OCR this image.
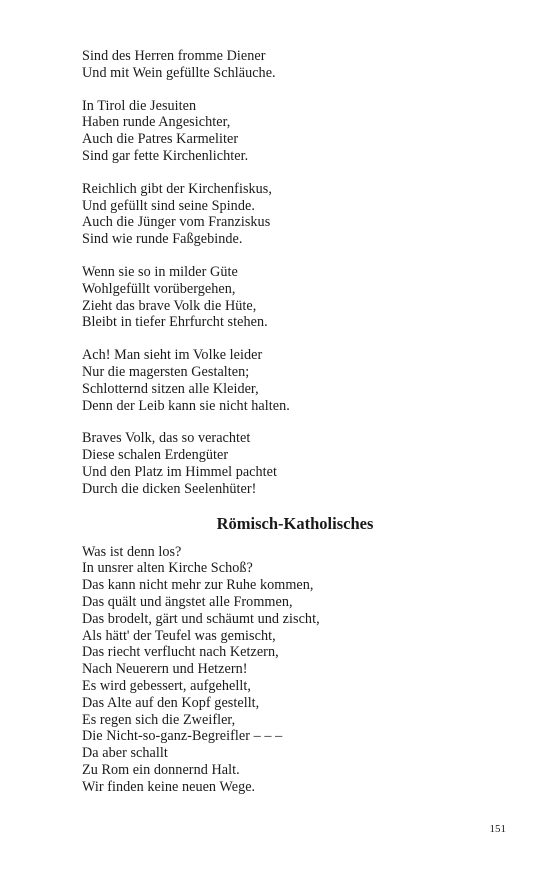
Sind des Herren fromme Diener
Und mit Wein gefüllte Schläuche.
In Tirol die Jesuiten
Haben runde Angesichter,
Auch die Patres Karmeliter
Sind gar fette Kirchenlichter.
Reichlich gibt der Kirchenfiskus,
Und gefüllt sind seine Spinde.
Auch die Jünger vom Franziskus
Sind wie runde Faßgebinde.
Wenn sie so in milder Güte
Wohlgefüllt vorübergehen,
Zieht das brave Volk die Hüte,
Bleibt in tiefer Ehrfurcht stehen.
Ach! Man sieht im Volke leider
Nur die magersten Gestalten;
Schlotternd sitzen alle Kleider,
Denn der Leib kann sie nicht halten.
Braves Volk, das so verachtet
Diese schalen Erdengüter
Und den Platz im Himmel pachtet
Durch die dicken Seelenhüter!
Römisch-Katholisches
Was ist denn los?
In unsrer alten Kirche Schoß?
Das kann nicht mehr zur Ruhe kommen,
Das quält und ängstet alle Frommen,
Das brodelt, gärt und schäumt und zischt,
Als hätt' der Teufel was gemischt,
Das riecht verflucht nach Ketzern,
Nach Neuerern und Hetzern!
Es wird gebessert, aufgehellt,
Das Alte auf den Kopf gestellt,
Es regen sich die Zweifler,
Die Nicht-so-ganz-Begreifler – – –
Da aber schallt
Zu Rom ein donnernd Halt.
Wir finden keine neuen Wege.
151
